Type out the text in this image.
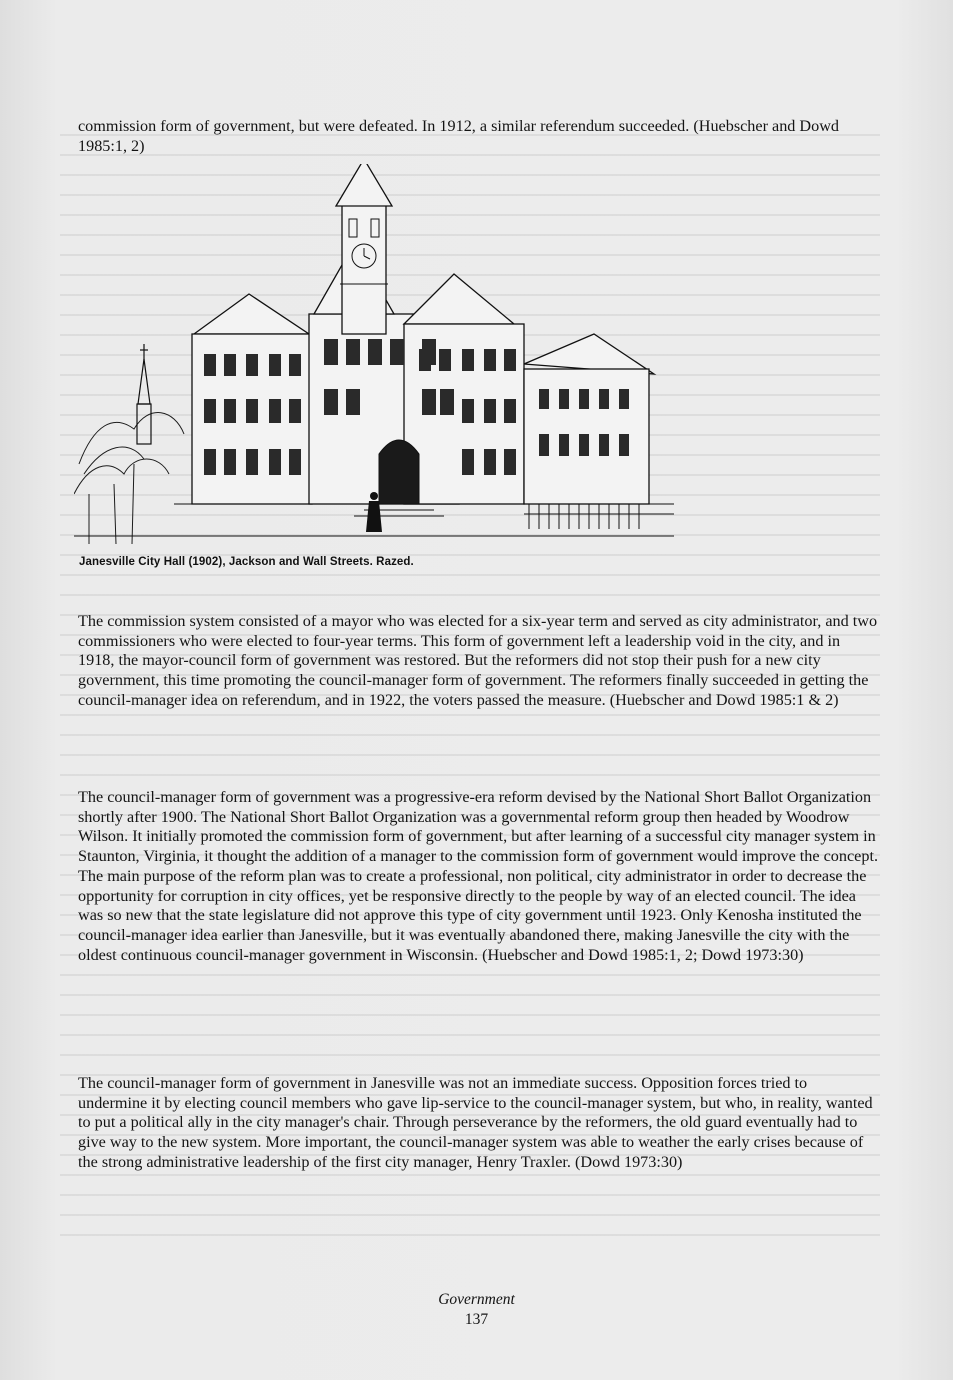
commission form of government, but were defeated. In 1912, a similar referendum succeeded. (Huebscher and Dowd 1985:1, 2)

Janesville City Hall (1902), Jackson and Wall Streets. Razed.

The commission system consisted of a mayor who was elected for a six-year term and served as city administrator, and two commissioners who were elected to four-year terms. This form of government left a leadership void in the city, and in 1918, the mayor-council form of government was restored. But the reformers did not stop their push for a new city government, this time promoting the council-manager form of government. The reformers finally succeeded in getting the council-manager idea on referendum, and in 1922, the voters passed the measure. (Huebscher and Dowd 1985:1 & 2)

The council-manager form of government was a progressive-era reform devised by the National Short Ballot Organization shortly after 1900. The National Short Ballot Organization was a governmental reform group then headed by Woodrow Wilson. It initially promoted the commission form of government, but after learning of a successful city manager system in Staunton, Virginia, it thought the addition of a manager to the commission form of government would improve the concept. The main purpose of the reform plan was to create a professional, non political, city administrator in order to decrease the opportunity for corruption in city offices, yet be responsive directly to the people by way of an elected council. The idea was so new that the state legislature did not approve this type of city government until 1923. Only Kenosha instituted the council-manager idea earlier than Janesville, but it was eventually abandoned there, making Janesville the city with the oldest continuous council-manager government in Wisconsin. (Huebscher and Dowd 1985:1, 2; Dowd 1973:30)

The council-manager form of government in Janesville was not an immediate success. Opposition forces tried to undermine it by electing council members who gave lip-service to the council-manager system, but who, in reality, wanted to put a political ally in the city manager's chair. Through perseverance by the reformers, the old guard eventually had to give way to the new system. More important, the council-manager system was able to weather the early crises because of the strong administrative leadership of the first city manager, Henry Traxler. (Dowd 1973:30)

Government
137
